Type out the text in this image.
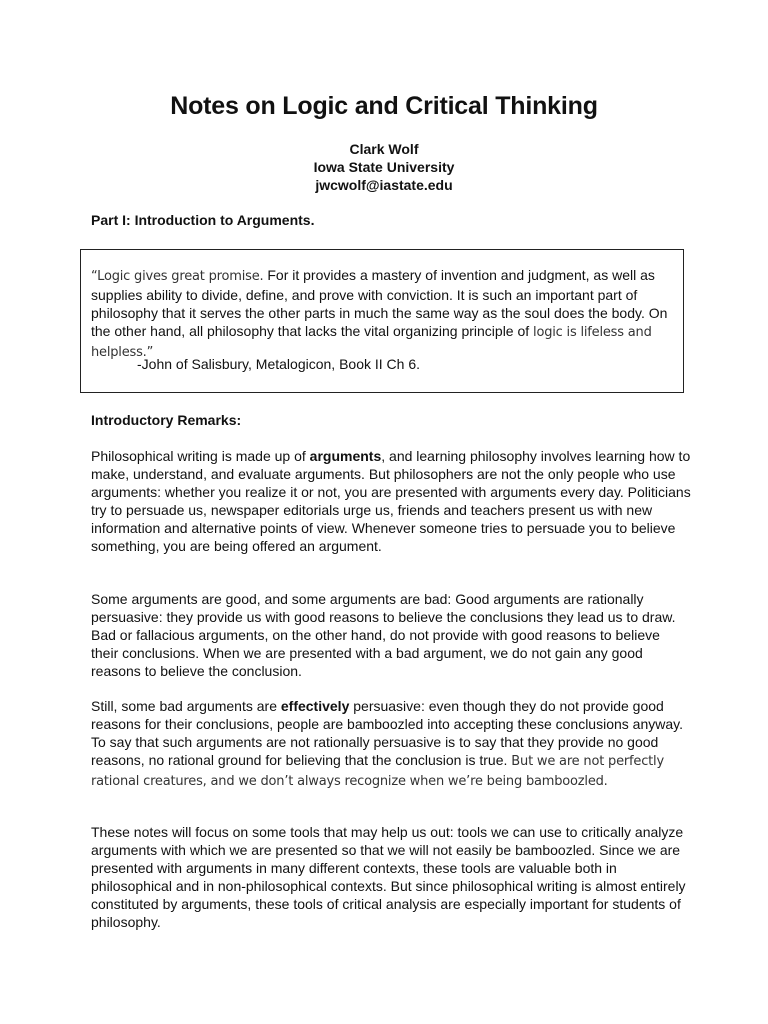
Notes on Logic and Critical Thinking
Clark Wolf
Iowa State University
jwcwolf@iastate.edu
Part I: Introduction to Arguments.
“Logic gives great promise. For it provides a mastery of invention and judgment, as well as supplies ability to divide, define, and prove with conviction. It is such an important part of philosophy that it serves the other parts in much the same way as the soul does the body. On the other hand, all philosophy that lacks the vital organizing principle of logic is lifeless and helpless.”
-John of Salisbury, Metalogicon, Book II Ch 6.
Introductory Remarks:
Philosophical writing is made up of arguments, and learning philosophy involves learning how to make, understand, and evaluate arguments. But philosophers are not the only people who use arguments: whether you realize it or not, you are presented with arguments every day. Politicians try to persuade us, newspaper editorials urge us, friends and teachers present us with new information and alternative points of view. Whenever someone tries to persuade you to believe something, you are being offered an argument.
Some arguments are good, and some arguments are bad: Good arguments are rationally persuasive: they provide us with good reasons to believe the conclusions they lead us to draw. Bad or fallacious arguments, on the other hand, do not provide with good reasons to believe their conclusions. When we are presented with a bad argument, we do not gain any good reasons to believe the conclusion.
Still, some bad arguments are effectively persuasive: even though they do not provide good reasons for their conclusions, people are bamboozled into accepting these conclusions anyway. To say that such arguments are not rationally persuasive is to say that they provide no good reasons, no rational ground for believing that the conclusion is true. But we are not perfectly rational creatures, and we don’t always recognize when we’re being bamboozled.
These notes will focus on some tools that may help us out: tools we can use to critically analyze arguments with which we are presented so that we will not easily be bamboozled. Since we are presented with arguments in many different contexts, these tools are valuable both in philosophical and in non-philosophical contexts. But since philosophical writing is almost entirely constituted by arguments, these tools of critical analysis are especially important for students of philosophy.
